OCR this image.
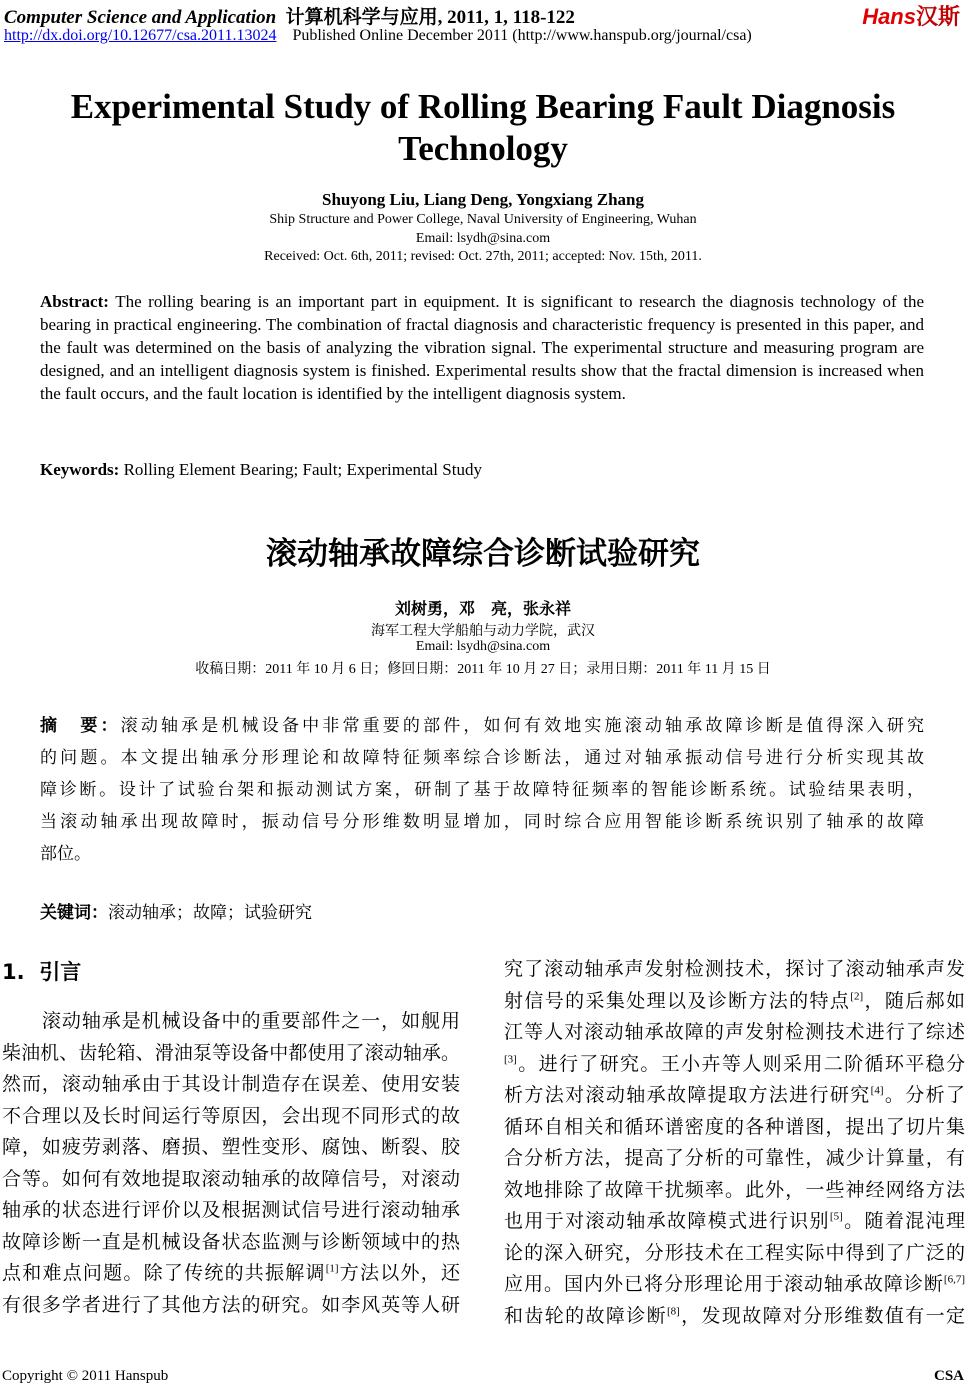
Computer Science and Application 计算机科学与应用, 2011, 1, 118-122
http://dx.doi.org/10.12677/csa.2011.13024 Published Online December 2011 (http://www.hanspub.org/journal/csa)
Hans汉斯
Experimental Study of Rolling Bearing Fault Diagnosis
Technology
Shuyong Liu, Liang Deng, Yongxiang Zhang
Ship Structure and Power College, Naval University of Engineering, Wuhan
Email: lsydh@sina.com
Received: Oct. 6th, 2011; revised: Oct. 27th, 2011; accepted: Nov. 15th, 2011.
Abstract: The rolling bearing is an important part in equipment. It is significant to research the diagnosis technology of the bearing in practical engineering. The combination of fractal diagnosis and characteristic frequency is presented in this paper, and the fault was determined on the basis of analyzing the vibration signal. The experimental structure and measuring program are designed, and an intelligent diagnosis system is finished. Experimental results show that the fractal dimension is increased when the fault occurs, and the fault location is identified by the intelligent diagnosis system.
Keywords: Rolling Element Bearing; Fault; Experimental Study
滚动轴承故障综合诊断试验研究
刘树勇，邓　亮，张永祥
海军工程大学船舶与动力学院，武汉
Email: lsydh@sina.com
收稿日期：2011 年 10 月 6 日；修回日期：2011 年 10 月 27 日；录用日期：2011 年 11 月 15 日
摘　要：滚动轴承是机械设备中非常重要的部件，如何有效地实施滚动轴承故障诊断是值得深入研究
的问题。本文提出轴承分形理论和故障特征频率综合诊断法，通过对轴承振动信号进行分析实现其故
障诊断。设计了试验台架和振动测试方案，研制了基于故障特征频率的智能诊断系统。试验结果表明，
当滚动轴承出现故障时，振动信号分形维数明显增加，同时综合应用智能诊断系统识别了轴承的故障
部位。
关键词：滚动轴承；故障；试验研究
1. 引言
　　滚动轴承是机械设备中的重要部件之一，如舰用
柴油机、齿轮箱、滑油泵等设备中都使用了滚动轴承。
然而，滚动轴承由于其设计制造存在误差、使用安装
不合理以及长时间运行等原因，会出现不同形式的故
障，如疲劳剥落、磨损、塑性变形、腐蚀、断裂、胶
合等。如何有效地提取滚动轴承的故障信号，对滚动
轴承的状态进行评价以及根据测试信号进行滚动轴承
故障诊断一直是机械设备状态监测与诊断领域中的热
点和难点问题。除了传统的共振解调[1]方法以外，还
有很多学者进行了其他方法的研究。如李风英等人研
究了滚动轴承声发射检测技术，探讨了滚动轴承声发
射信号的采集处理以及诊断方法的特点[2]，随后郝如
江等人对滚动轴承故障的声发射检测技术进行了综述
[3]。进行了研究。王小卉等人则采用二阶循环平稳分
析方法对滚动轴承故障提取方法进行研究[4]。分析了
循环自相关和循环谱密度的各种谱图，提出了切片集
合分析方法，提高了分析的可靠性，减少计算量，有
效地排除了故障干扰频率。此外，一些神经网络方法
也用于对滚动轴承故障模式进行识别[5]。随着混沌理
论的深入研究，分形技术在工程实际中得到了广泛的
应用。国内外已将分形理论用于滚动轴承故障诊断[6,7]
和齿轮的故障诊断[8]，发现故障对分形维数值有一定
Copyright © 2011 Hanspub	CSA
